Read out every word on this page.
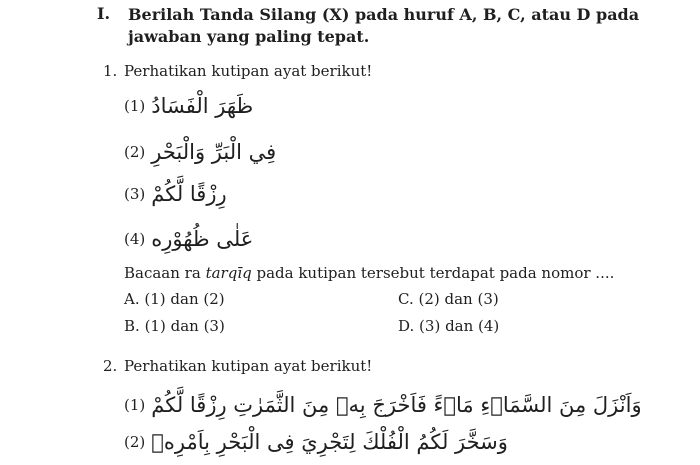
I. Berilah Tanda Silang (X) pada huruf A, B, C, atau D pada jawaban yang paling tepat.
1. Perhatikan kutipan ayat berikut!
(1) ظَهَرَ الْفَسَادُ
(2) فِي الْبَرِّ وَالْبَحْرِ
(3) رِزْقًا لَّكُمْ
(4) عَلٰى ظُهُوْرِه
Bacaan ra tarqīq pada kutipan tersebut terdapat pada nomor ....
A. (1) dan (2)	C. (2) dan (3)
B. (1) dan (3)	D. (3) dan (4)
2. Perhatikan kutipan ayat berikut!
(1) وَاَنْزَلَ مِنَ السَّمَاۤءِ مَاۤءً فَاَخْرَجَ بِهٖ مِنَ الثَّمَرٰتِ رِزْقًا لَّكُمْ
(2) وَسَخَّرَ لَكُمُ الْفُلْكَ لِتَجْرِيَ فِى الْبَحْرِ بِاَمْرِهٖ
